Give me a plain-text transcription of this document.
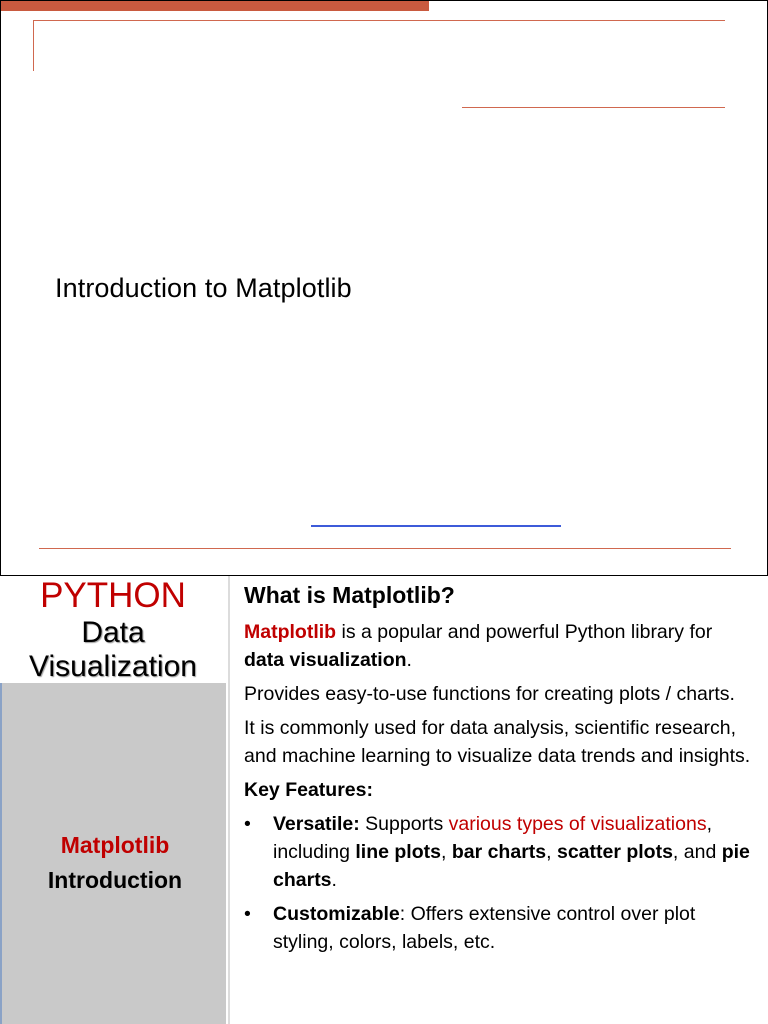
Introduction to Matplotlib
PYTHON
Data
Visualization
Matplotlib
Introduction
What is Matplotlib?

Matplotlib is a popular and powerful Python library for data visualization.

Provides easy-to-use functions for creating plots / charts.

It is commonly used for data analysis, scientific research, and machine learning to visualize data trends and insights.

Key Features:
• Versatile: Supports various types of visualizations, including line plots, bar charts, scatter plots, and pie charts.
• Customizable: Offers extensive control over plot styling, colors, labels, etc.
